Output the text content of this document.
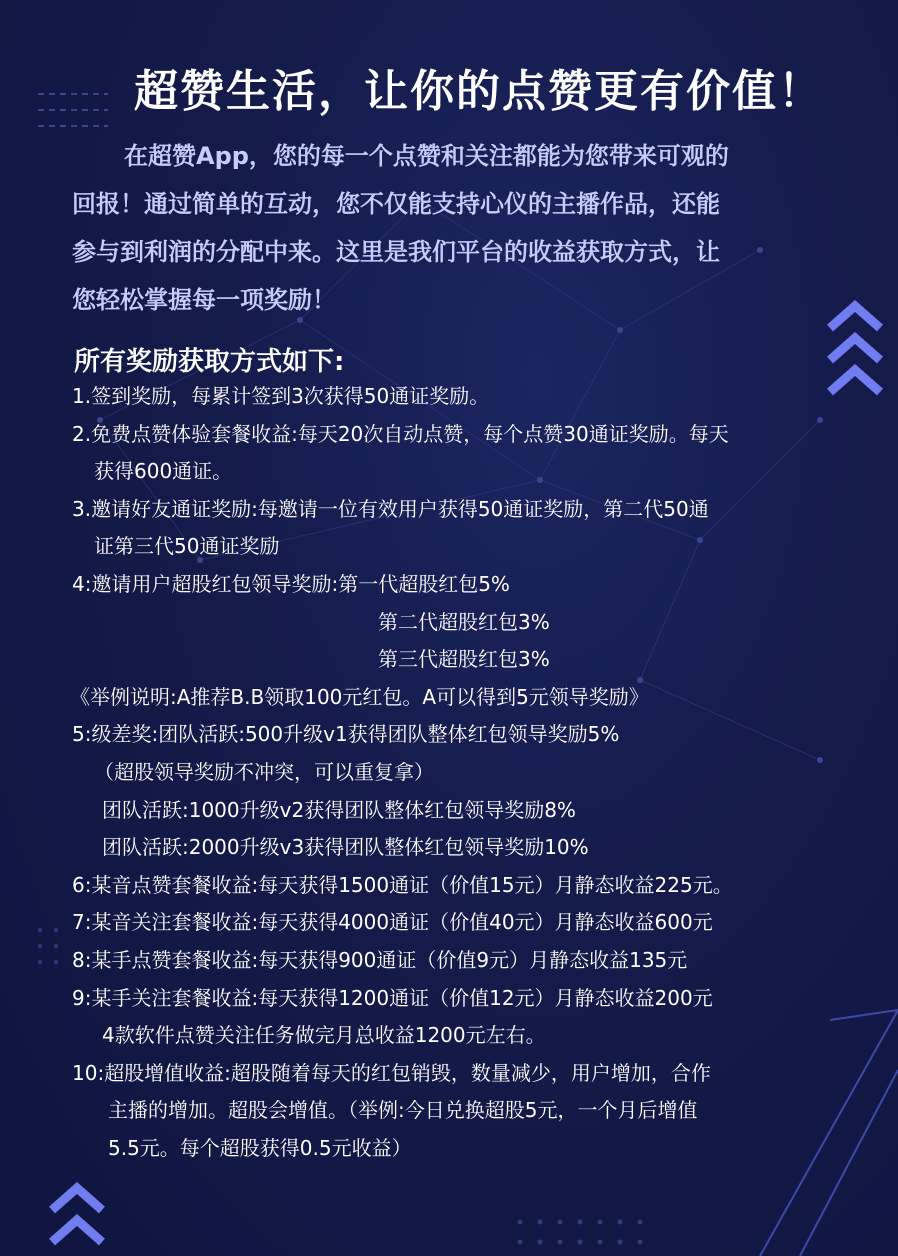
超赞生活，让你的点赞更有价值！
在超赞App，您的每一个点赞和关注都能为您带来可观的
回报！通过简单的互动，您不仅能支持心仪的主播作品，还能
参与到利润的分配中来。这里是我们平台的收益获取方式，让
您轻松掌握每一项奖励！
所有奖励获取方式如下:
1.签到奖励，每累计签到3次获得50通证奖励。
2.免费点赞体验套餐收益:每天20次自动点赞，每个点赞30通证奖励。每天
获得600通证。
3.邀请好友通证奖励:每邀请一位有效用户获得50通证奖励，第二代50通
证第三代50通证奖励
4:邀请用户超股红包领导奖励:第一代超股红包5%
第二代超股红包3%
第三代超股红包3%
《举例说明:A推荐B.B领取100元红包。A可以得到5元领导奖励》
5:级差奖:团队活跃:500升级v1获得团队整体红包领导奖励5%
（超股领导奖励不冲突，可以重复拿）
团队活跃:1000升级v2获得团队整体红包领导奖励8%
团队活跃:2000升级v3获得团队整体红包领导奖励10%
6:某音点赞套餐收益:每天获得1500通证（价值15元）月静态收益225元。
7:某音关注套餐收益:每天获得4000通证（价值40元）月静态收益600元
8:某手点赞套餐收益:每天获得900通证（价值9元）月静态收益135元
9:某手关注套餐收益:每天获得1200通证（价值12元）月静态收益200元
4款软件点赞关注任务做完月总收益1200元左右。
10:超股增值收益:超股随着每天的红包销毁，数量减少，用户增加，合作
主播的增加。超股会增值。（举例:今日兑换超股5元，一个月后增值
5.5元。每个超股获得0.5元收益）
